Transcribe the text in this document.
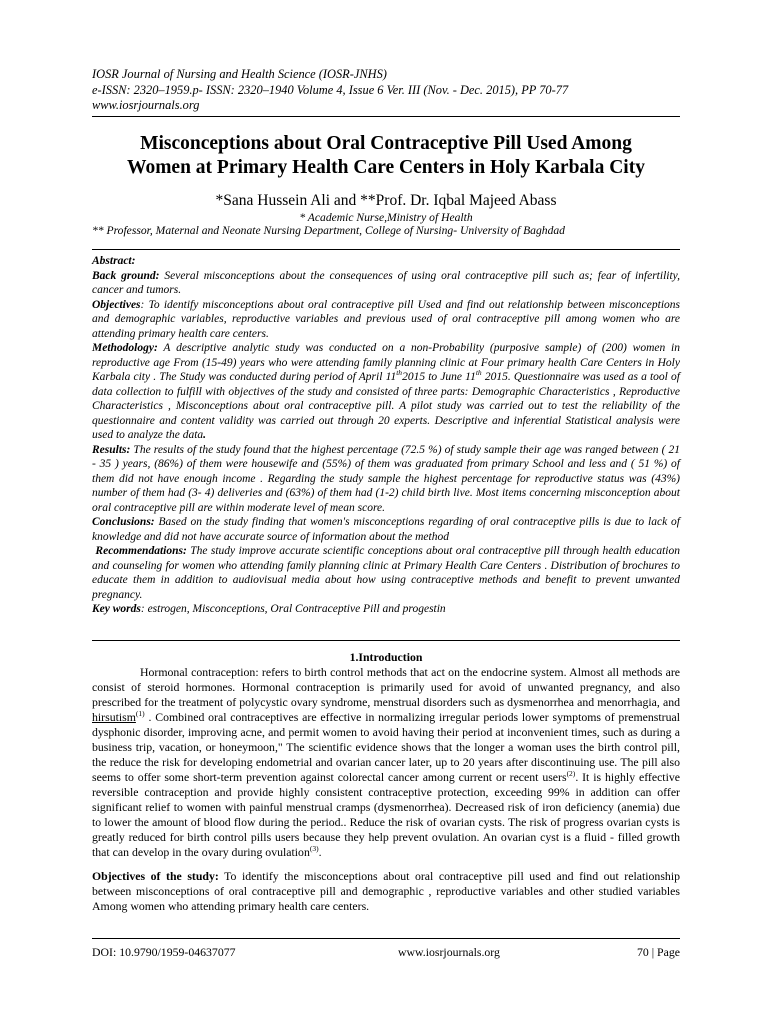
IOSR Journal of Nursing and Health Science (IOSR-JNHS)
e-ISSN: 2320–1959.p- ISSN: 2320–1940 Volume 4, Issue 6 Ver. III (Nov. - Dec. 2015), PP 70-77
www.iosrjournals.org
Misconceptions about Oral Contraceptive Pill Used Among
Women at Primary Health Care Centers in Holy Karbala City
*Sana Hussein Ali and **Prof. Dr. Iqbal Majeed Abass
* Academic Nurse,Ministry of Health
** Professor, Maternal and Neonate Nursing Department, College of Nursing- University of Baghdad

Abstract:

Back ground: Several misconceptions about the consequences of using oral contraceptive pill such as; fear of infertility, cancer and tumors.

Objectives: To identify misconceptions about oral contraceptive pill Used and find out relationship between misconceptions and demographic variables, reproductive variables and previous used of oral contraceptive pill among women who are attending primary health care centers.

Methodology: A descriptive analytic study was conducted on a non-Probability (purposive sample) of (200) women in reproductive age From (15-49) years who were attending family planning clinic at Four primary health Care Centers in Holy Karbala city . The Study was conducted during period of April 11th2015 to June 11th 2015. Questionnaire was used as a tool of data collection to fulfill with objectives of the study and consisted of three parts: Demographic Characteristics , Reproductive Characteristics , Misconceptions about oral contraceptive pill. A pilot study was carried out to test the reliability of the questionnaire and content validity was carried out through 20 experts. Descriptive and inferential Statistical analysis were used to analyze the data.

Results: The results of the study found that the highest percentage (72.5 %) of study sample their age was ranged between ( 21 - 35 ) years, (86%) of them were housewife and (55%) of them was graduated from primary School and less and ( 51 %) of them did not have enough income . Regarding the study sample the highest percentage for reproductive status was (43%) number of them had (3- 4) deliveries and (63%) of them had (1-2) child birth live. Most items concerning misconception about oral contraceptive pill are within moderate level of mean score.

Conclusions: Based on the study finding that women's misconceptions regarding of oral contraceptive pills is due to lack of knowledge and did not have accurate source of information about the method

Recommendations: The study improve accurate scientific conceptions about oral contraceptive pill through health education and counseling for women who attending family planning clinic at Primary Health Care Centers . Distribution of brochures to educate them in addition to audiovisual media about how using contraceptive methods and benefit to prevent unwanted pregnancy.

Key words: estrogen, Misconceptions, Oral Contraceptive Pill and progestin

1.Introduction

Hormonal contraception: refers to birth control methods that act on the endocrine system. Almost all methods are consist of steroid hormones. Hormonal contraception is primarily used for avoid of unwanted pregnancy, and also prescribed for the treatment of polycystic ovary syndrome, menstrual disorders such as dysmenorrhea and menorrhagia, and hirsutism$^{(1)}$ . Combined oral contraceptives are effective in normalizing irregular periods lower symptoms of premenstrual dysphonic disorder, improving acne, and permit women to avoid having their period at inconvenient times, such as during a business trip, vacation, or honeymoon," The scientific evidence shows that the longer a woman uses the birth control pill, the reduce the risk for developing endometrial and ovarian cancer later, up to 20 years after discontinuing use. The pill also seems to offer some short-term prevention against colorectal cancer among current or recent users$^{(2)}$. It is highly effective reversible contraception and provide highly consistent contraceptive protection, exceeding 99% in addition can offer significant relief to women with painful menstrual cramps (dysmenorrhea). Decreased risk of iron deficiency (anemia) due to lower the amount of blood flow during the period.. Reduce the risk of ovarian cysts. The risk of progress ovarian cysts is greatly reduced for birth control pills users because they help prevent ovulation. An ovarian cyst is a fluid - filled growth that can develop in the ovary during ovulation$^{(3)}$.

Objectives of the study: To identify the misconceptions about oral contraceptive pill used and find out relationship between misconceptions of oral contraceptive pill and demographic , reproductive variables and other studied variables Among women who attending primary health care centers.

DOI: 10.9790/1959-04637077	www.iosrjournals.org	70 | Page
